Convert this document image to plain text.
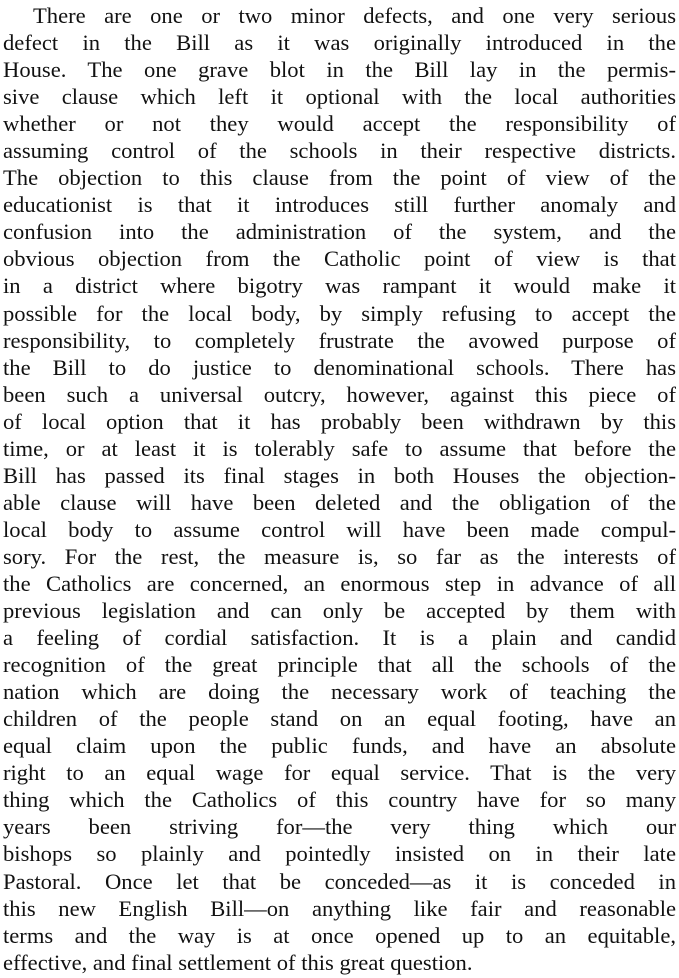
There are one or two minor defects, and one very serious
defect in the Bill as it was originally introduced in the
House. The one grave blot in the Bill lay in the permis-
sive clause which left it optional with the local authorities
whether or not they would accept the responsibility of
assuming control of the schools in their respective districts.
The objection to this clause from the point of view of the
educationist is that it introduces still further anomaly and
confusion into the administration of the system, and the
obvious objection from the Catholic point of view is that
in a district where bigotry was rampant it would make it
possible for the local body, by simply refusing to accept the
responsibility, to completely frustrate the avowed purpose of
the Bill to do justice to denominational schools. There has
been such a universal outcry, however, against this piece of
of local option that it has probably been withdrawn by this
time, or at least it is tolerably safe to assume that before the
Bill has passed its final stages in both Houses the objection-
able clause will have been deleted and the obligation of the
local body to assume control will have been made compul-
sory. For the rest, the measure is, so far as the interests of
the Catholics are concerned, an enormous step in advance of all
previous legislation and can only be accepted by them with
a feeling of cordial satisfaction. It is a plain and candid
recognition of the great principle that all the schools of the
nation which are doing the necessary work of teaching the
children of the people stand on an equal footing, have an
equal claim upon the public funds, and have an absolute
right to an equal wage for equal service. That is the very
thing which the Catholics of this country have for so many
years been striving for—the very thing which our
bishops so plainly and pointedly insisted on in their late
Pastoral. Once let that be conceded—as it is conceded in
this new English Bill—on anything like fair and reasonable
terms and the way is at once opened up to an equitable,
effective, and final settlement of this great question.
